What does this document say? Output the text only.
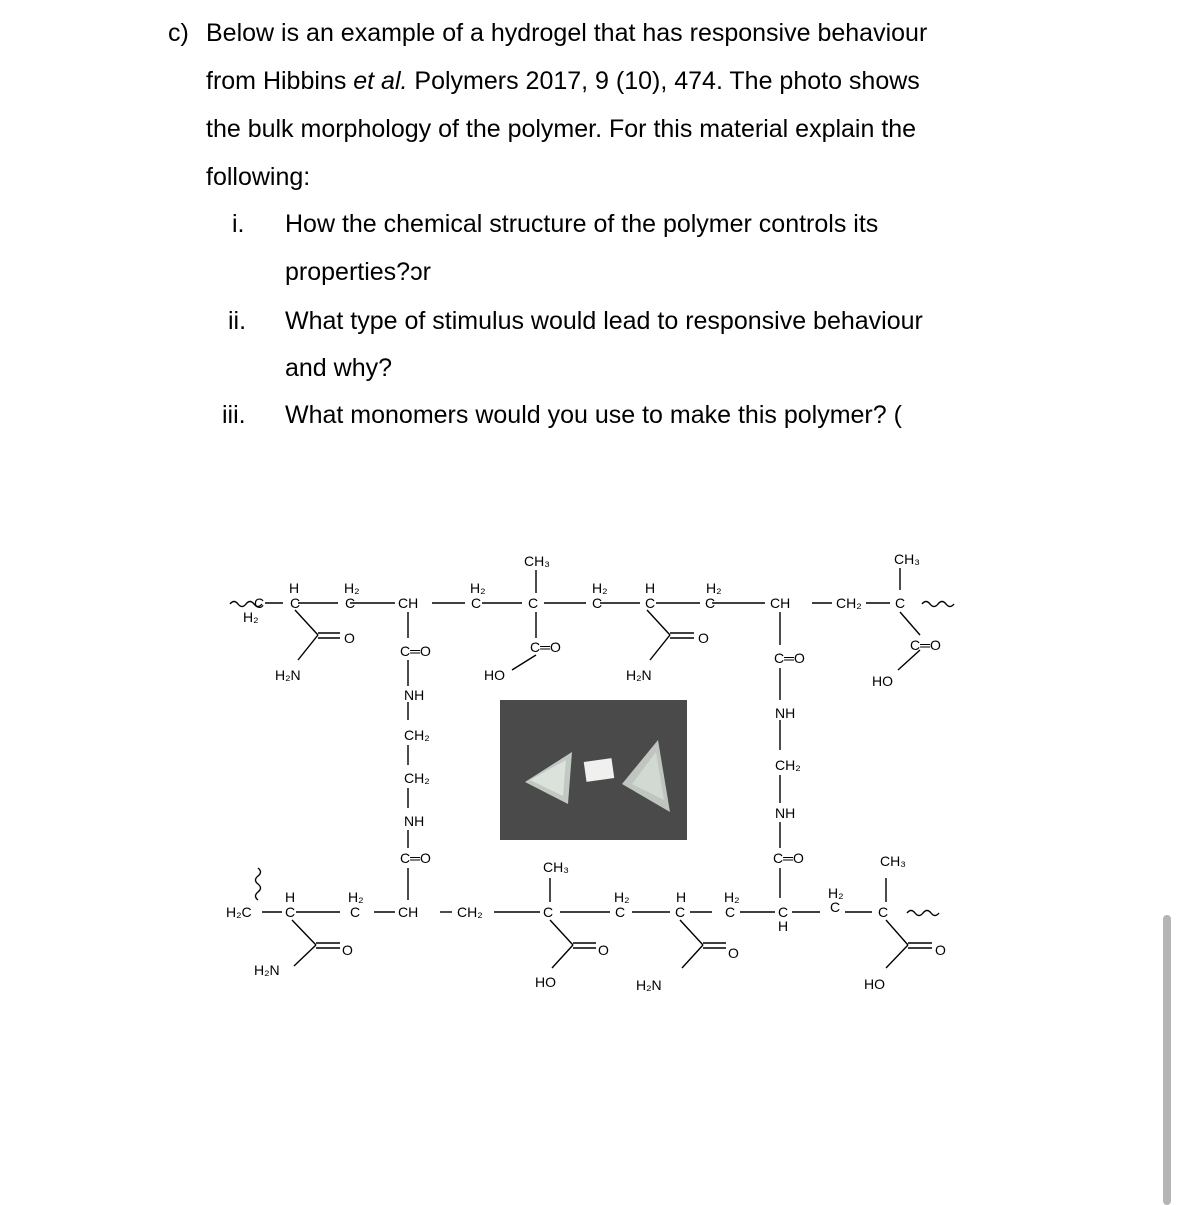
c) Below is an example of a hydrogel that has responsive behaviour
from Hibbins et al. Polymers 2017, 9 (10), 474. The photo shows
the bulk morphology of the polymer. For this material explain the
following:
i. How the chemical structure of the polymer controls its
properties?ɔr
ii. What type of stimulus would lead to responsive behaviour
and why?
iii. What monomers would you use to make this polymer? (
CH₃	CH₃
H	H₂	H₂	H₂	H	H₂
C C	C	CH	C	C	C	C	C	CH	CH₂ C
H₂
O	O
C═O	C═O
C═O
C═O
H₂N	HO	H₂N	HO
NH
CH₂
CH₂
NH
C═O
NH
CH₂
NH
C═O
CH₃	CH₃
H	H₂	H₂	H	H₂	H₂
H₂C C	C	CH	CH₂	C	C	C	C	C	C	C
H
O	O	O	O
H₂N
HO	H₂N	HO
